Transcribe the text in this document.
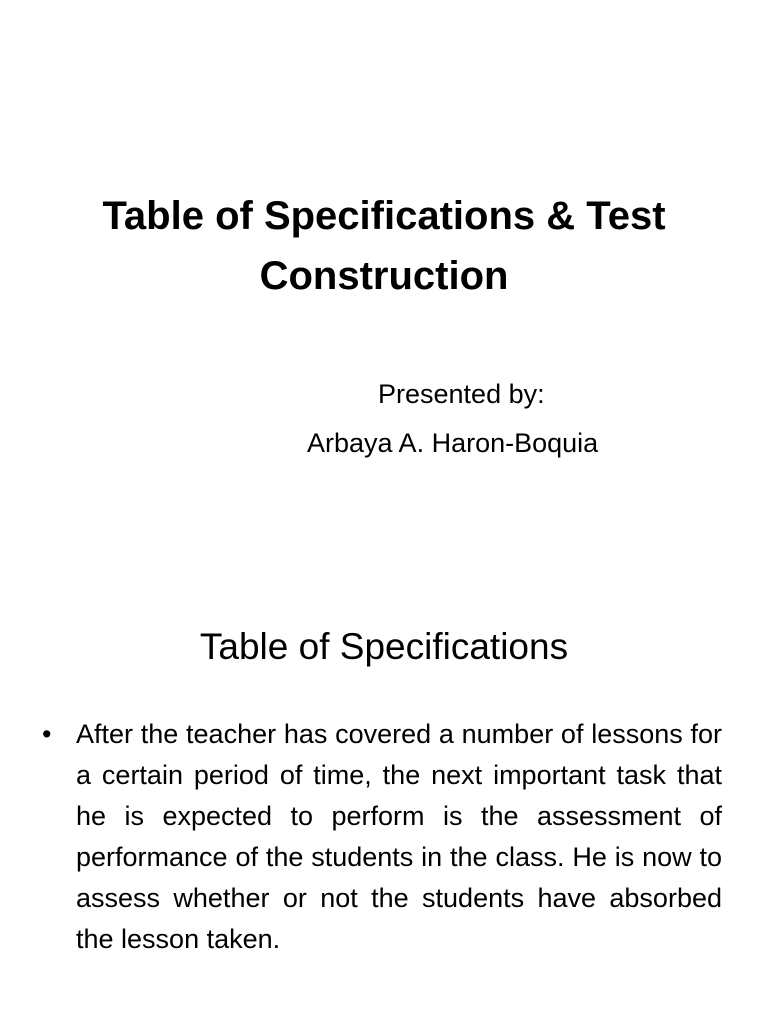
Table of Specifications & Test Construction

Presented by:

Arbaya A. Haron-Boquia

Table of Specifications
• After the teacher has covered a number of lessons for a certain period of time, the next important task that he is expected to perform is the assessment of performance of the students in the class. He is now to assess whether or not the students have absorbed the lesson taken.
